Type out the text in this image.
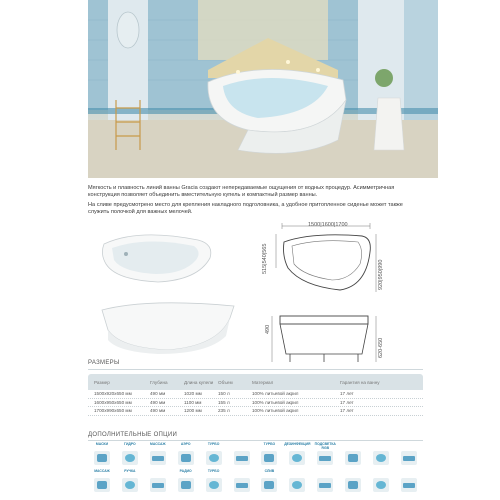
Мягкость и плавность линий ванны Gracia создают непередаваемые ощущения от водных процедур. Асимметричная конструкция позволяет объединить вместительную купель и компактный размер ванны.

На сливе предусмотрено место для крепления накладного подголовника, а удобное притопленное сиденье может также служить полочкой для важных мелочей.

1500|1600|1700
515|540|565
920|950|990
490
620-650
РАЗМЕРЫ
Размер	Глубина	Длина купели	Объем	Материал	Гарантия на ванну
1500x920x650 мм	490 мм	1020 мм	150 л	100% литьевой акрил	17 лет
1600x950x650 мм	490 мм	1100 мм	155 л	100% литьевой акрил	17 лет
1700x990x650 мм	490 мм	1200 мм	235 л	100% литьевой акрил	17 лет
ДОПОЛНИТЕЛЬНЫЕ ОПЦИИ
МАСКИ	ГИДРО	МАССАЖ	АЭРО	ТУРБО	ТУРБО	ДЕЗИНФЕКЦИЯ	ПОДСВЕТКА RGB
МАССАЖ	РУЧКА	РАДИО	ТУРБО	СЛИВ
